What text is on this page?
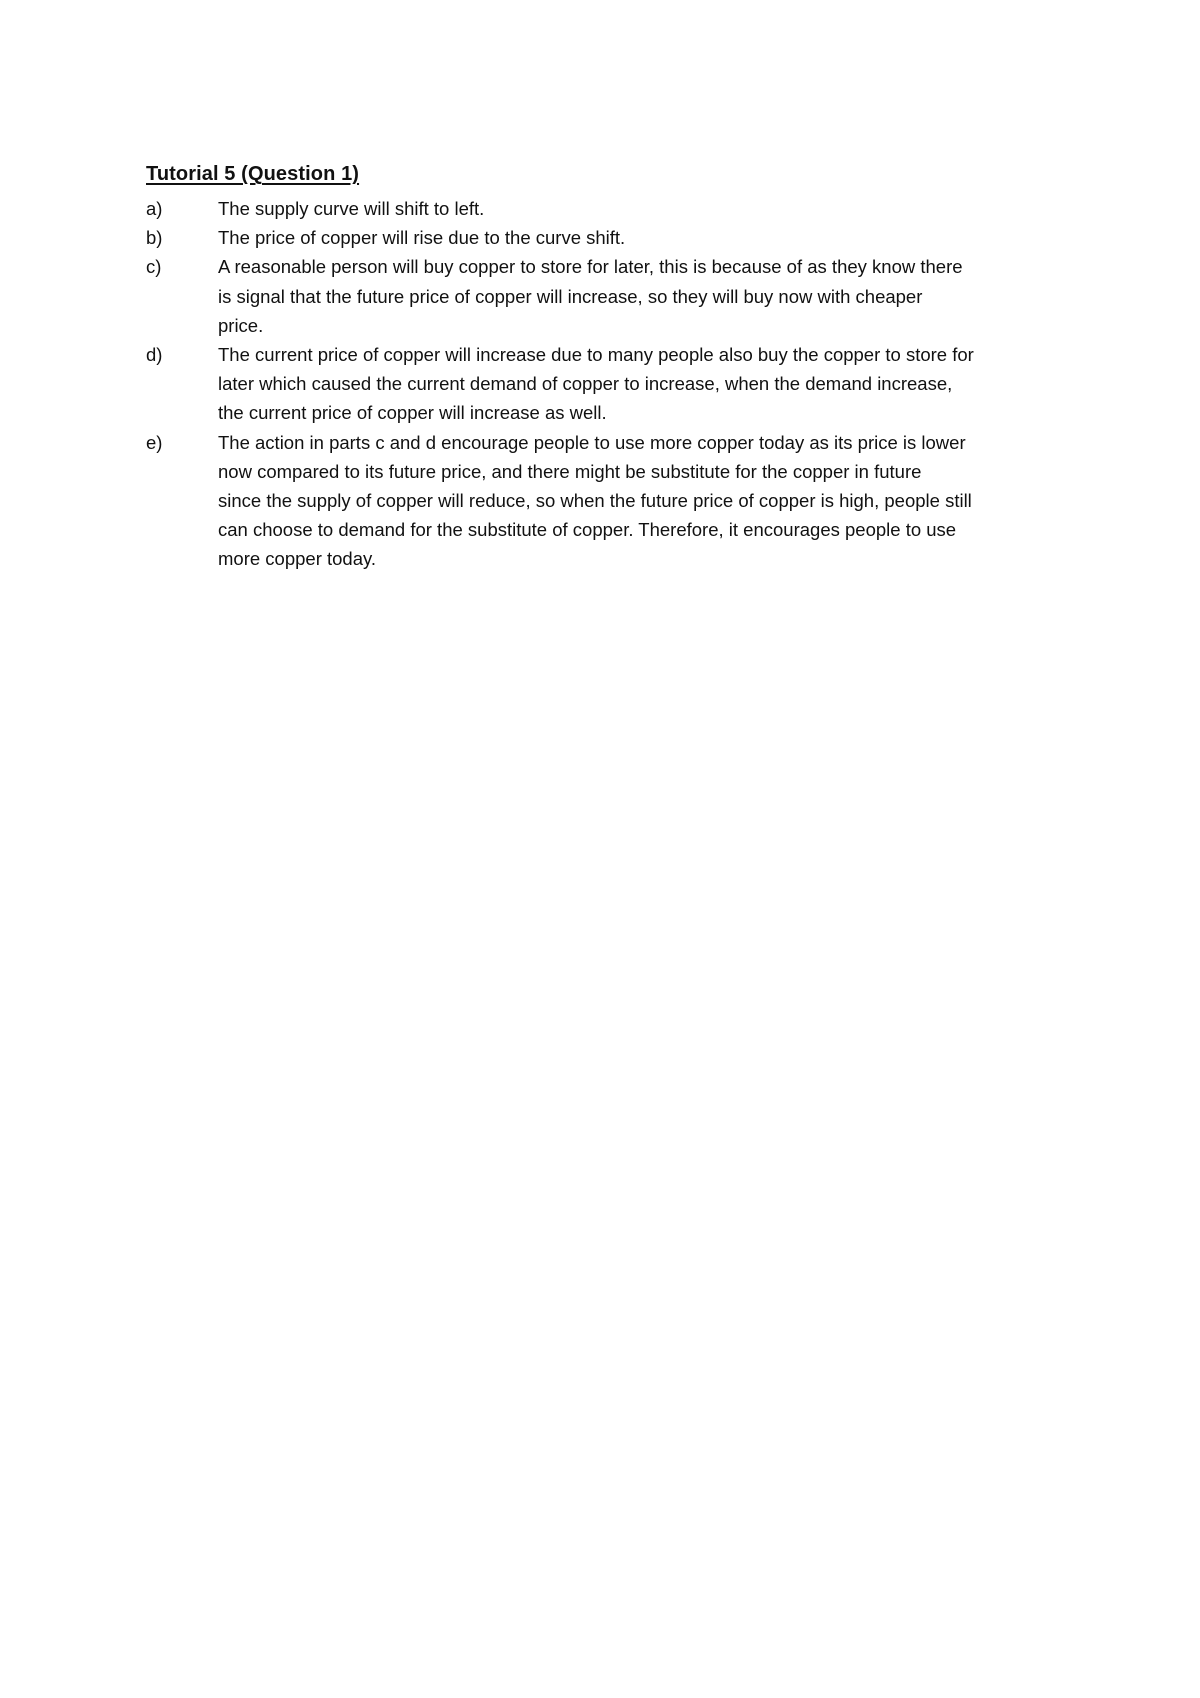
Tutorial 5 (Question 1)
a)	The supply curve will shift to left.
b)	The price of copper will rise due to the curve shift.
c)	A reasonable person will buy copper to store for later, this is because of as they know there
is signal that the future price of copper will increase, so they will buy now with cheaper
price.
d)	The current price of copper will increase due to many people also buy the copper to store for
later which caused the current demand of copper to increase, when the demand increase,
the current price of copper will increase as well.
e)	The action in parts c and d encourage people to use more copper today as its price is lower
now compared to its future price, and there might be substitute for the copper in future
since the supply of copper will reduce, so when the future price of copper is high, people still
can choose to demand for the substitute of copper. Therefore, it encourages people to use
more copper today.
